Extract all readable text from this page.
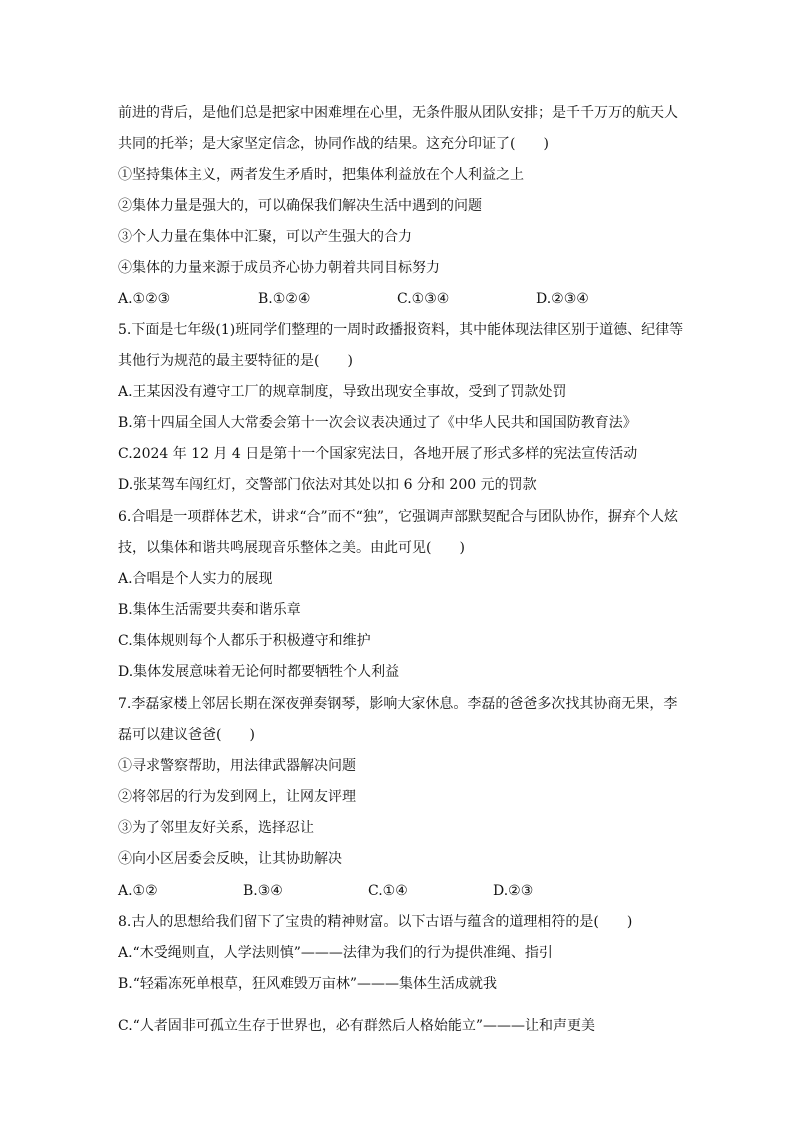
前进的背后，是他们总是把家中困难埋在心里，无条件服从团队安排；是千千万万的航天人
共同的托举；是大家坚定信念，协同作战的结果。这充分印证了(　　)
①坚持集体主义，两者发生矛盾时，把集体利益放在个人利益之上
②集体力量是强大的，可以确保我们解决生活中遇到的问题
③个人力量在集体中汇聚，可以产生强大的合力
④集体的力量来源于成员齐心协力朝着共同目标努力
A.①②③	B.①②④	C.①③④	D.②③④
5.下面是七年级(1)班同学们整理的一周时政播报资料，其中能体现法律区别于道德、纪律等
其他行为规范的最主要特征的是(　　)
A.王某因没有遵守工厂的规章制度，导致出现安全事故，受到了罚款处罚
B.第十四届全国人大常委会第十一次会议表决通过了《中华人民共和国国防教育法》
C.2024 年 12 月 4 日是第十一个国家宪法日，各地开展了形式多样的宪法宣传活动
D.张某驾车闯红灯，交警部门依法对其处以扣 6 分和 200 元的罚款
6.合唱是一项群体艺术，讲求“合”而不“独”，它强调声部默契配合与团队协作，摒弃个人炫
技，以集体和谐共鸣展现音乐整体之美。由此可见(　　)
A.合唱是个人实力的展现
B.集体生活需要共奏和谐乐章
C.集体规则每个人都乐于积极遵守和维护
D.集体发展意味着无论何时都要牺牲个人利益
7.李磊家楼上邻居长期在深夜弹奏钢琴，影响大家休息。李磊的爸爸多次找其协商无果，李
磊可以建议爸爸(　　)
①寻求警察帮助，用法律武器解决问题
②将邻居的行为发到网上，让网友评理
③为了邻里友好关系，选择忍让
④向小区居委会反映，让其协助解决
A.①②	B.③④	C.①④	D.②③
8.古人的思想给我们留下了宝贵的精神财富。以下古语与蕴含的道理相符的是(　　)
A.“木受绳则直，人学法则慎”———法律为我们的行为提供准绳、指引
B.“轻霜冻死单根草，狂风难毁万亩林”———集体生活成就我
C.“人者固非可孤立生存于世界也，必有群然后人格始能立”———让和声更美
